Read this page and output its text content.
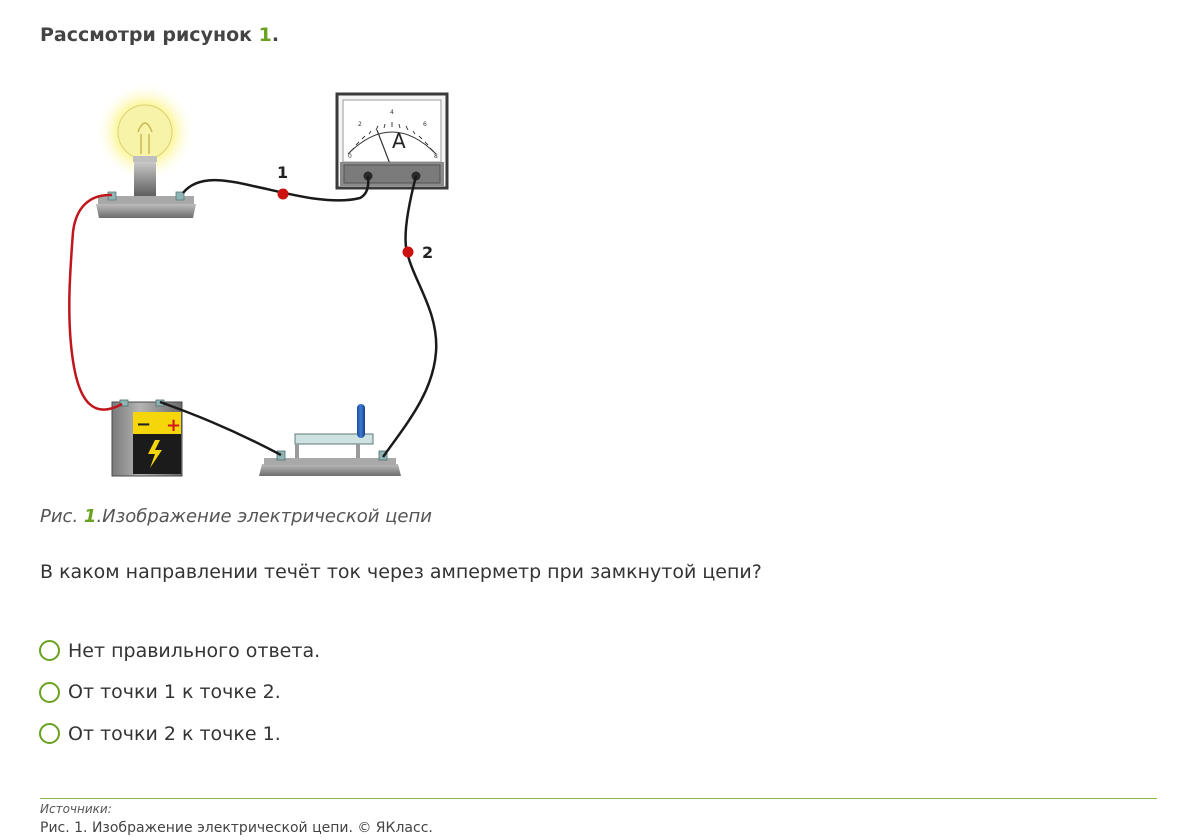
Рассмотри рисунок 1.
0
2
4
6
8
A
− +
1
2
Рис. 1.Изображение электрической цепи
В каком направлении течёт ток через амперметр при замкнутой цепи?
Нет правильного ответа.
От точки 1 к точке 2.
От точки 2 к точке 1.
Источники:
Рис. 1. Изображение электрической цепи. © ЯКласс.
